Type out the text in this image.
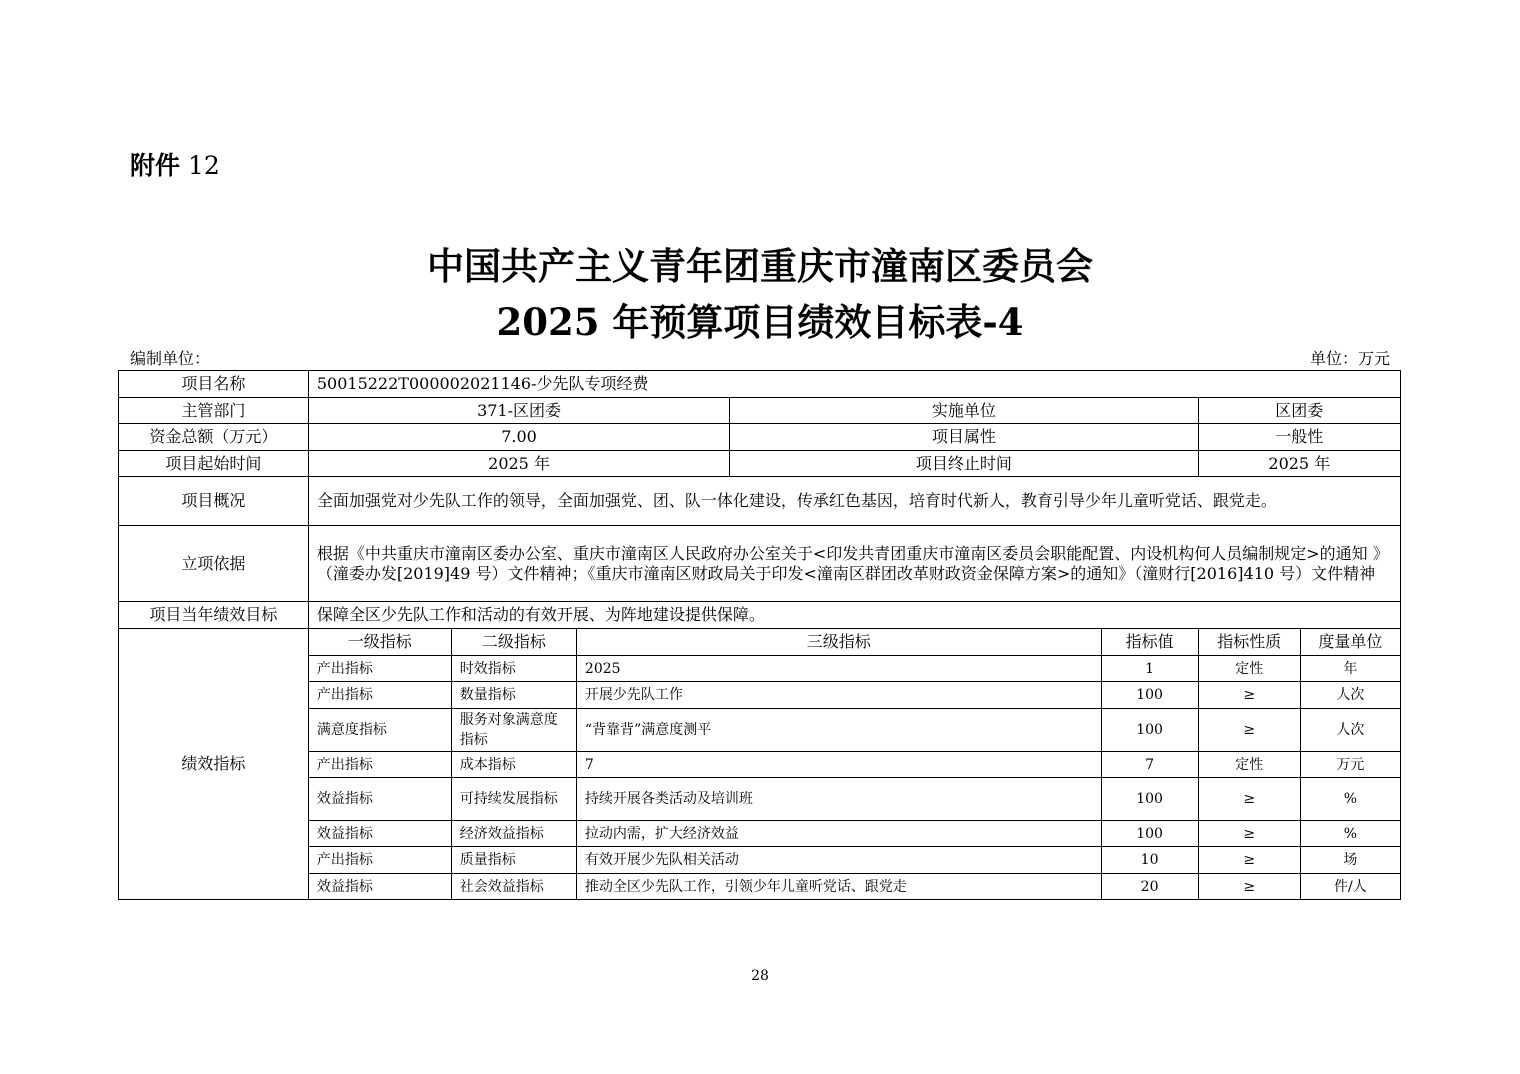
附件 12
中国共产主义青年团重庆市潼南区委员会
2025 年预算项目绩效目标表-4
编制单位：	单位：万元
项目名称	50015222T000002021146-少先队专项经费						
主管部门	371-区团委			实施单位		区团委	
资金总额（万元）	7.00			项目属性		一般性	
项目起始时间	2025 年			项目终止时间		2025 年	
项目概况	全面加强党对少先队工作的领导，全面加强党、团、队一体化建设，传承红色基因，培育时代新人，教育引导少年儿童听党话、跟党走。						
立项依据	根据《中共重庆市潼南区委办公室、重庆市潼南区人民政府办公室关于<印发共青团重庆市潼南区委员会职能配置、内设机构何人员编制规定>的通知 》（潼委办发[2019]49 号）文件精神；《重庆市潼南区财政局关于印发<潼南区群团改革财政资金保障方案>的通知》（潼财行[2016]410 号）文件精神						
项目当年绩效目标	保障全区少先队工作和活动的有效开展、为阵地建设提供保障。						
绩效指标	一级指标	二级指标	三级指标		指标值	指标性质	度量单位
	产出指标	时效指标	2025		1	定性	年
	产出指标	数量指标	开展少先队工作		100	≥	人次
	满意度指标	服务对象满意度指标	“背靠背”满意度测平		100	≥	人次
	产出指标	成本指标	7		7	定性	万元
	效益指标	可持续发展指标	持续开展各类活动及培训班		100	≥	%
	效益指标	经济效益指标	拉动内需，扩大经济效益		100	≥	%
	产出指标	质量指标	有效开展少先队相关活动		10	≥	场
	效益指标	社会效益指标	推动全区少先队工作，引领少年儿童听党话、跟党走		20	≥	件/人
28
